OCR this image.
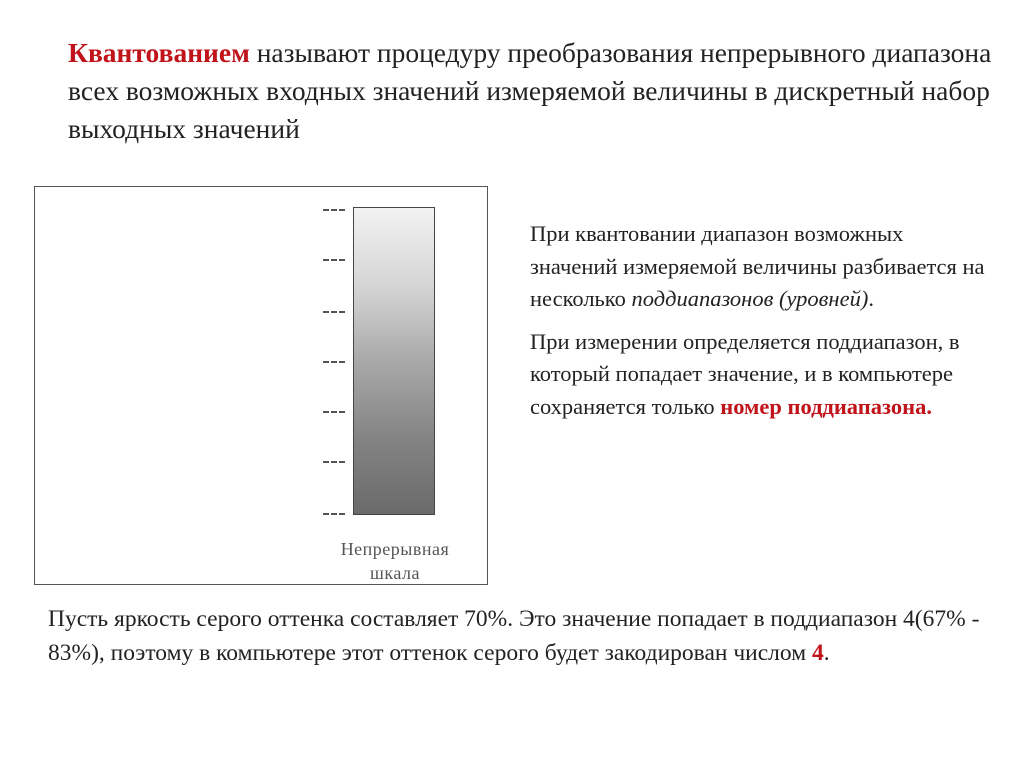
Квантованием называют процедуру преобразования непрерывного диапазона всех возможных входных значений измеряемой величины в дискретный набор выходных значений
Непрерывная
шкала

При квантовании диапазон возможных значений измеряемой величины разбивается на несколько поддиапазонов (уровней).

При измерении определяется поддиапазон, в который попадает значение, и в компьютере сохраняется только номер поддиапазона.

Пусть яркость серого оттенка составляет 70%. Это значение попадает в поддиапазон 4(67% - 83%), поэтому в компьютере этот оттенок серого будет закодирован числом 4.
